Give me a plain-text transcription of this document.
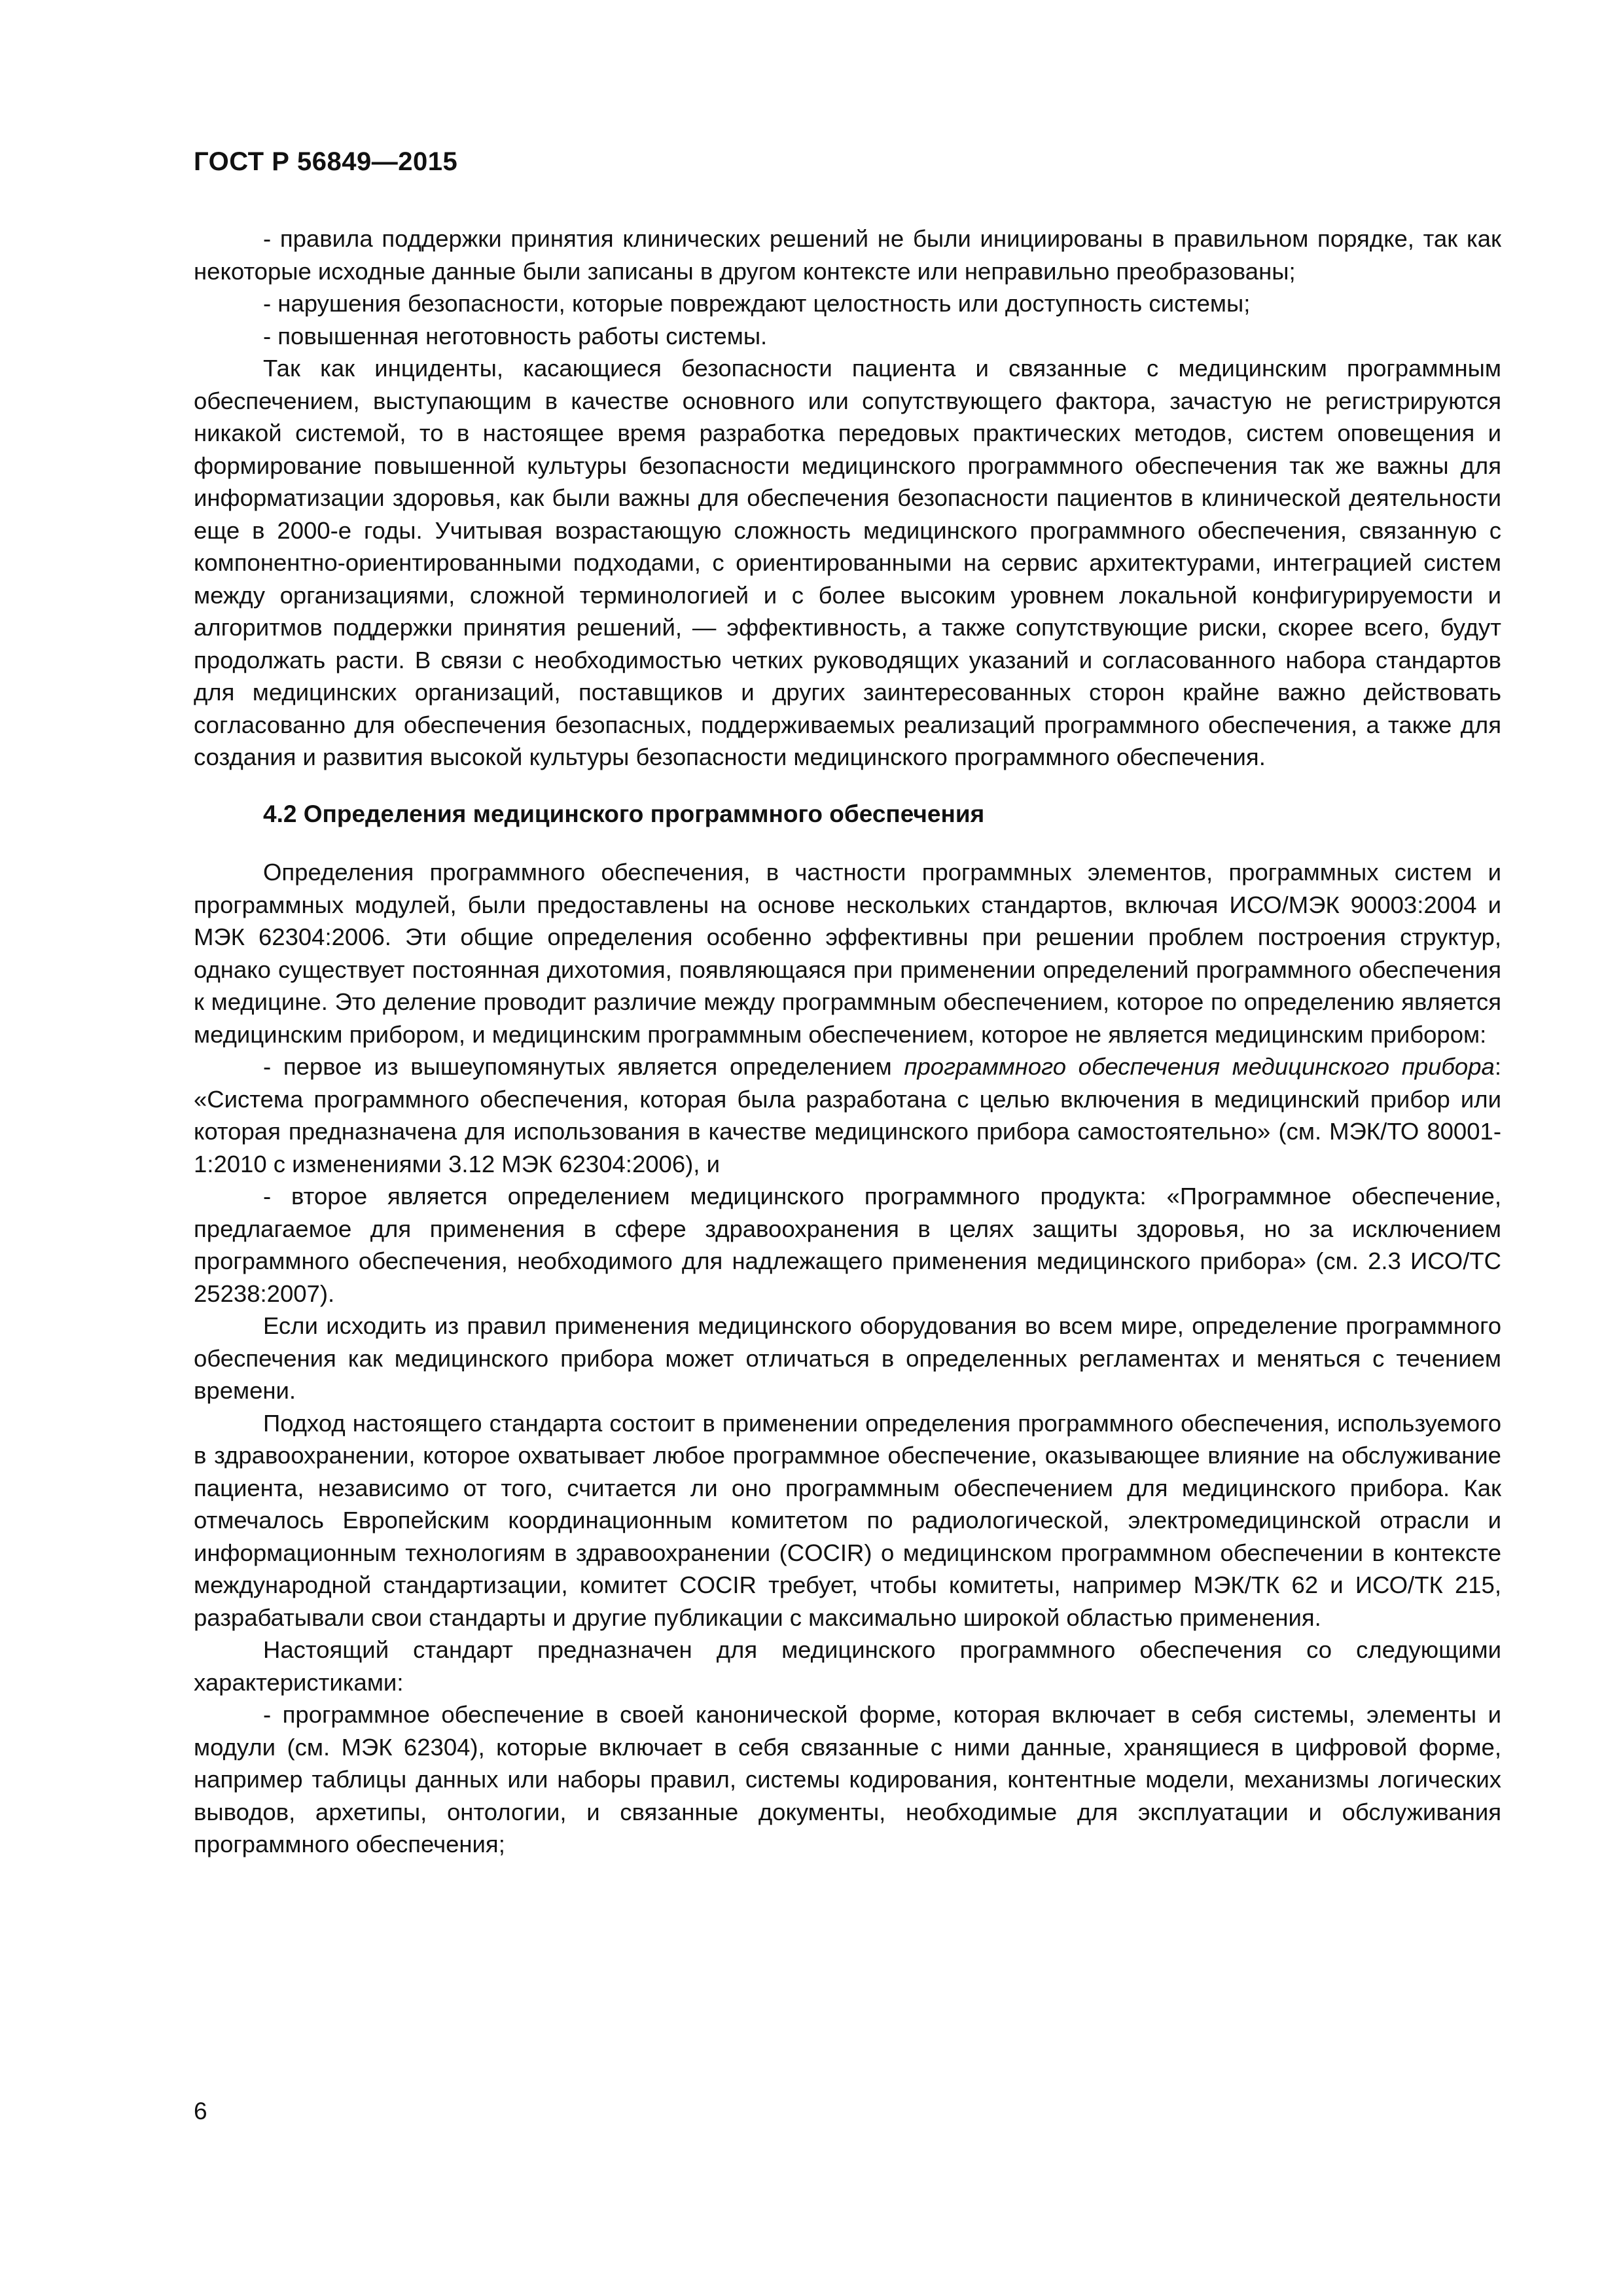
ГОСТ Р 56849—2015

- правила поддержки принятия клинических решений не были инициированы в правильном порядке, так как некоторые исходные данные были записаны в другом контексте или неправильно преобразованы;

- нарушения безопасности, которые повреждают целостность или доступность системы;

- повышенная неготовность работы системы.

Так как инциденты, касающиеся безопасности пациента и связанные с медицинским программным обеспечением, выступающим в качестве основного или сопутствующего фактора, зачастую не регистрируются никакой системой, то в настоящее время разработка передовых практических методов, систем оповещения и формирование повышенной культуры безопасности медицинского программного обеспечения так же важны для информатизации здоровья, как были важны для обеспечения безопасности пациентов в клинической деятельности еще в 2000-е годы. Учитывая возрастающую сложность медицинского программного обеспечения, связанную с компонентно-ориентированными подходами, с ориентированными на сервис архитектурами, интеграцией систем между организациями, сложной терминологией и с более высоким уровнем локальной конфигурируемости и алгоритмов поддержки принятия решений, — эффективность, а также сопутствующие риски, скорее всего, будут продолжать расти. В связи с необходимостью четких руководящих указаний и согласованного набора стандартов для медицинских организаций, поставщиков и других заинтересованных сторон крайне важно действовать согласованно для обеспечения безопасных, поддерживаемых реализаций программного обеспечения, а также для создания и развития высокой культуры безопасности медицинского программного обеспечения.

4.2 Определения медицинского программного обеспечения

Определения программного обеспечения, в частности программных элементов, программных систем и программных модулей, были предоставлены на основе нескольких стандартов, включая ИСО/МЭК 90003:2004 и МЭК 62304:2006. Эти общие определения особенно эффективны при решении проблем построения структур, однако существует постоянная дихотомия, появляющаяся при применении определений программного обеспечения к медицине. Это деление проводит различие между программным обеспечением, которое по определению является медицинским прибором, и медицинским программным обеспечением, которое не является медицинским прибором:

- первое из вышеупомянутых является определением программного обеспечения медицинского прибора: «Система программного обеспечения, которая была разработана с целью включения в медицинский прибор или которая предназначена для использования в качестве медицинского прибора самостоятельно» (см. МЭК/ТО 80001-1:2010 с изменениями 3.12 МЭК 62304:2006), и

- второе является определением медицинского программного продукта: «Программное обеспечение, предлагаемое для применения в сфере здравоохранения в целях защиты здоровья, но за исключением программного обеспечения, необходимого для надлежащего применения медицинского прибора» (см. 2.3 ИСО/ТС 25238:2007).

Если исходить из правил применения медицинского оборудования во всем мире, определение программного обеспечения как медицинского прибора может отличаться в определенных регламентах и меняться с течением времени.

Подход настоящего стандарта состоит в применении определения программного обеспечения, используемого в здравоохранении, которое охватывает любое программное обеспечение, оказывающее влияние на обслуживание пациента, независимо от того, считается ли оно программным обеспечением для медицинского прибора. Как отмечалось Европейским координационным комитетом по радиологической, электромедицинской отрасли и информационным технологиям в здравоохранении (COCIR) о медицинском программном обеспечении в контексте международной стандартизации, комитет COCIR требует, чтобы комитеты, например МЭК/ТК 62 и ИСО/ТК 215, разрабатывали свои стандарты и другие публикации с максимально широкой областью применения.

Настоящий стандарт предназначен для медицинского программного обеспечения со следующими характеристиками:

- программное обеспечение в своей канонической форме, которая включает в себя системы, элементы и модули (см. МЭК 62304), которые включает в себя связанные с ними данные, хранящиеся в цифровой форме, например таблицы данных или наборы правил, системы кодирования, контентные модели, механизмы логических выводов, архетипы, онтологии, и связанные документы, необходимые для эксплуатации и обслуживания программного обеспечения;

6
